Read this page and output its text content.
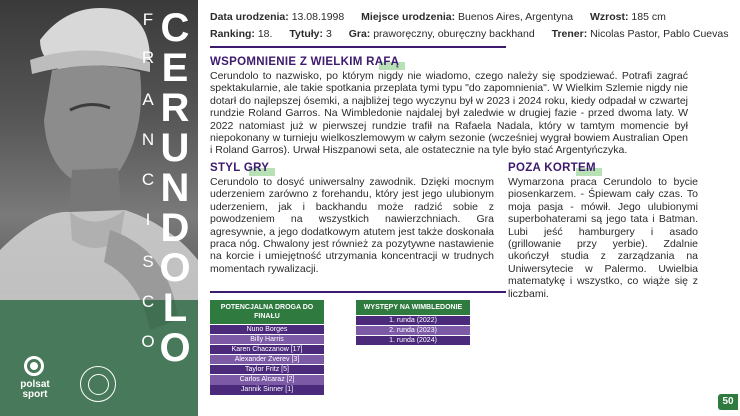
F
R
A
N
C
I
S
C
O
C
E
R
U
N
D
O
L
O
polsat
sport
Data urodzenia: 13.08.1998 Miejsce urodzenia: Buenos Aires, Argentyna Wzrost: 185 cm
Ranking: 18. Tytuły: 3 Gra: praworęczny, oburęczny backhand Trener: Nicolas Pastor, Pablo Cuevas
WSPOMNIENIE Z WIELKIM RAFĄ
Cerundolo to nazwisko, po którym nigdy nie wiadomo, czego należy się spodziewać. Potrafi zagrać spektakularnie, ale takie spotkania przeplata tymi typu "do zapomnienia". W Wielkim Szlemie nigdy nie dotarł do najlepszej ósemki, a najbliżej tego wyczynu był w 2023 i 2024 roku, kiedy odpadał w czwartej rundzie Roland Garros. Na Wimbledonie najdalej był zaledwie w drugiej fazie - przed dwoma laty. W 2022 natomiast już w pierwszej rundzie trafił na Rafaela Nadala, który w tamtym momencie był niepokonany w turnieju wielkoszlemowym w całym sezonie (wcześniej wygrał bowiem Australian Open i Roland Garros). Urwał Hiszpanowi seta, ale ostatecznie na tyle było stać Argentyńczyka.
STYL GRY
Cerundolo to dosyć uniwersalny zawodnik. Dzięki mocnym uderzeniem zarówno z forehandu, który jest jego ulubionym uderzeniem, jak i backhandu może radzić sobie z powodzeniem na wszystkich nawierzchniach. Gra agresywnie, a jego dodatkowym atutem jest także doskonała praca nóg. Chwalony jest również za pozytywne nastawienie na korcie i umiejętność utrzymania koncentracji w trudnych momentach rywalizacji.
POZA KORTEM
Wymarzona praca Cerundolo to bycie piosenkarzem. - Śpiewam cały czas. To moja pasja - mówił. Jego ulubionymi superbohaterami są jego tata i Batman. Lubi jeść hamburgery i asado (grillowanie przy yerbie). Zdalnie ukończył studia z zarządzania na Uniwersytecie w Palermo. Uwielbia matematykę i wszystko, co wiąże się z liczbami.
POTENCJALNA DROGA DO FINAŁU
Nuno Borges
Billy Harris
Karen Chaczanow [17]
Alexander Zverev [3]
Taylor Fritz [5]
Carlos Alcaraz [2]
Jannik Sinner [1]
WYSTĘPY NA WIMBLEDONIE
1. runda (2022)
2. runda (2023)
1. runda (2024)
50
